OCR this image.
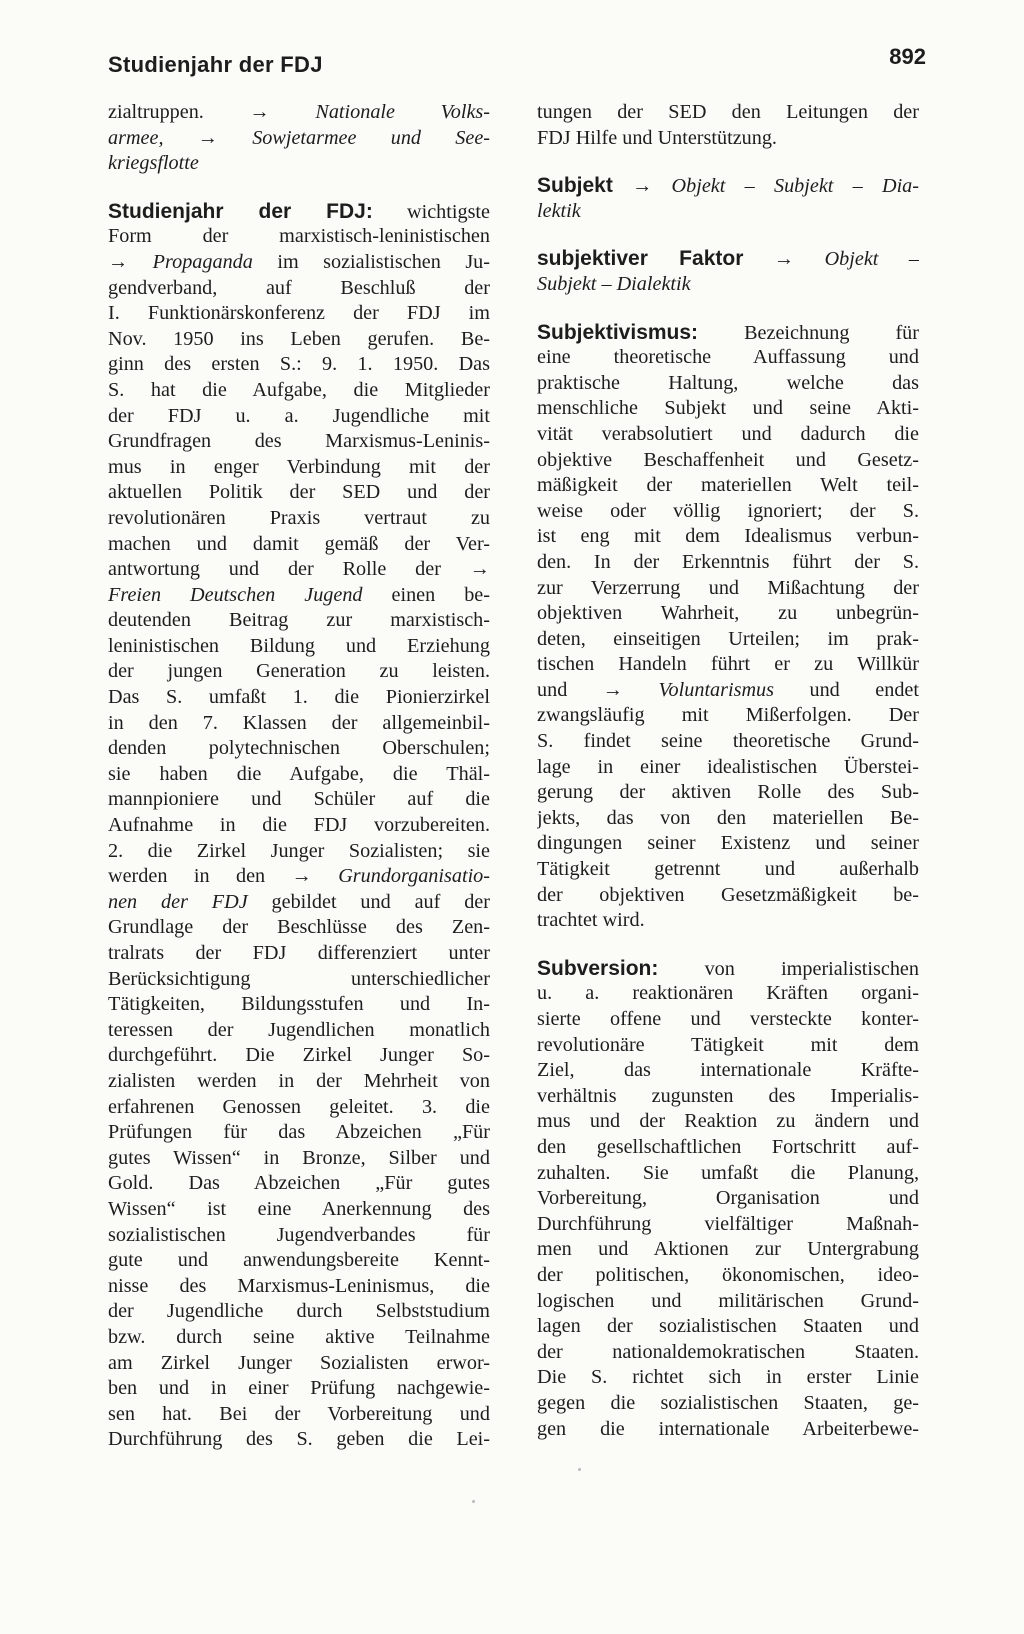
Studienjahr der FDJ	892
zialtruppen. → Nationale Volks-
armee, → Sowjetarmee und See-
kriegsflotte
Studienjahr der FDJ: wichtigste
Form der marxistisch-leninistischen
→ Propaganda im sozialistischen Ju-
gendverband, auf Beschluß der
I. Funktionärskonferenz der FDJ im
Nov. 1950 ins Leben gerufen. Be-
ginn des ersten S.: 9. 1. 1950. Das
S. hat die Aufgabe, die Mitglieder
der FDJ u. a. Jugendliche mit
Grundfragen des Marxismus-Leninis-
mus in enger Verbindung mit der
aktuellen Politik der SED und der
revolutionären Praxis vertraut zu
machen und damit gemäß der Ver-
antwortung und der Rolle der →
Freien Deutschen Jugend einen be-
deutenden Beitrag zur marxistisch-
leninistischen Bildung und Erziehung
der jungen Generation zu leisten.
Das S. umfaßt 1. die Pionierzirkel
in den 7. Klassen der allgemeinbil-
denden polytechnischen Oberschulen;
sie haben die Aufgabe, die Thäl-
mannpioniere und Schüler auf die
Aufnahme in die FDJ vorzubereiten.
2. die Zirkel Junger Sozialisten; sie
werden in den → Grundorganisatio-
nen der FDJ gebildet und auf der
Grundlage der Beschlüsse des Zen-
tralrats der FDJ differenziert unter
Berücksichtigung unterschiedlicher
Tätigkeiten, Bildungsstufen und In-
teressen der Jugendlichen monatlich
durchgeführt. Die Zirkel Junger So-
zialisten werden in der Mehrheit von
erfahrenen Genossen geleitet. 3. die
Prüfungen für das Abzeichen „Für
gutes Wissen“ in Bronze, Silber und
Gold. Das Abzeichen „Für gutes
Wissen“ ist eine Anerkennung des
sozialistischen Jugendverbandes für
gute und anwendungsbereite Kennt-
nisse des Marxismus-Leninismus, die
der Jugendliche durch Selbststudium
bzw. durch seine aktive Teilnahme
am Zirkel Junger Sozialisten erwor-
ben und in einer Prüfung nachgewie-
sen hat. Bei der Vorbereitung und
Durchführung des S. geben die Lei-
tungen der SED den Leitungen der
FDJ Hilfe und Unterstützung.
Subjekt → Objekt – Subjekt – Dia-
lektik
subjektiver Faktor → Objekt –
Subjekt – Dialektik
Subjektivismus: Bezeichnung für
eine theoretische Auffassung und
praktische Haltung, welche das
menschliche Subjekt und seine Akti-
vität verabsolutiert und dadurch die
objektive Beschaffenheit und Gesetz-
mäßigkeit der materiellen Welt teil-
weise oder völlig ignoriert; der S.
ist eng mit dem Idealismus verbun-
den. In der Erkenntnis führt der S.
zur Verzerrung und Mißachtung der
objektiven Wahrheit, zu unbegrün-
deten, einseitigen Urteilen; im prak-
tischen Handeln führt er zu Willkür
und → Voluntarismus und endet
zwangsläufig mit Mißerfolgen. Der
S. findet seine theoretische Grund-
lage in einer idealistischen Überstei-
gerung der aktiven Rolle des Sub-
jekts, das von den materiellen Be-
dingungen seiner Existenz und seiner
Tätigkeit getrennt und außerhalb
der objektiven Gesetzmäßigkeit be-
trachtet wird.
Subversion: von imperialistischen
u. a. reaktionären Kräften organi-
sierte offene und versteckte konter-
revolutionäre Tätigkeit mit dem
Ziel, das internationale Kräfte-
verhältnis zugunsten des Imperialis-
mus und der Reaktion zu ändern und
den gesellschaftlichen Fortschritt auf-
zuhalten. Sie umfaßt die Planung,
Vorbereitung, Organisation und
Durchführung vielfältiger Maßnah-
men und Aktionen zur Untergrabung
der politischen, ökonomischen, ideo-
logischen und militärischen Grund-
lagen der sozialistischen Staaten und
der nationaldemokratischen Staaten.
Die S. richtet sich in erster Linie
gegen die sozialistischen Staaten, ge-
gen die internationale Arbeiterbewe-
